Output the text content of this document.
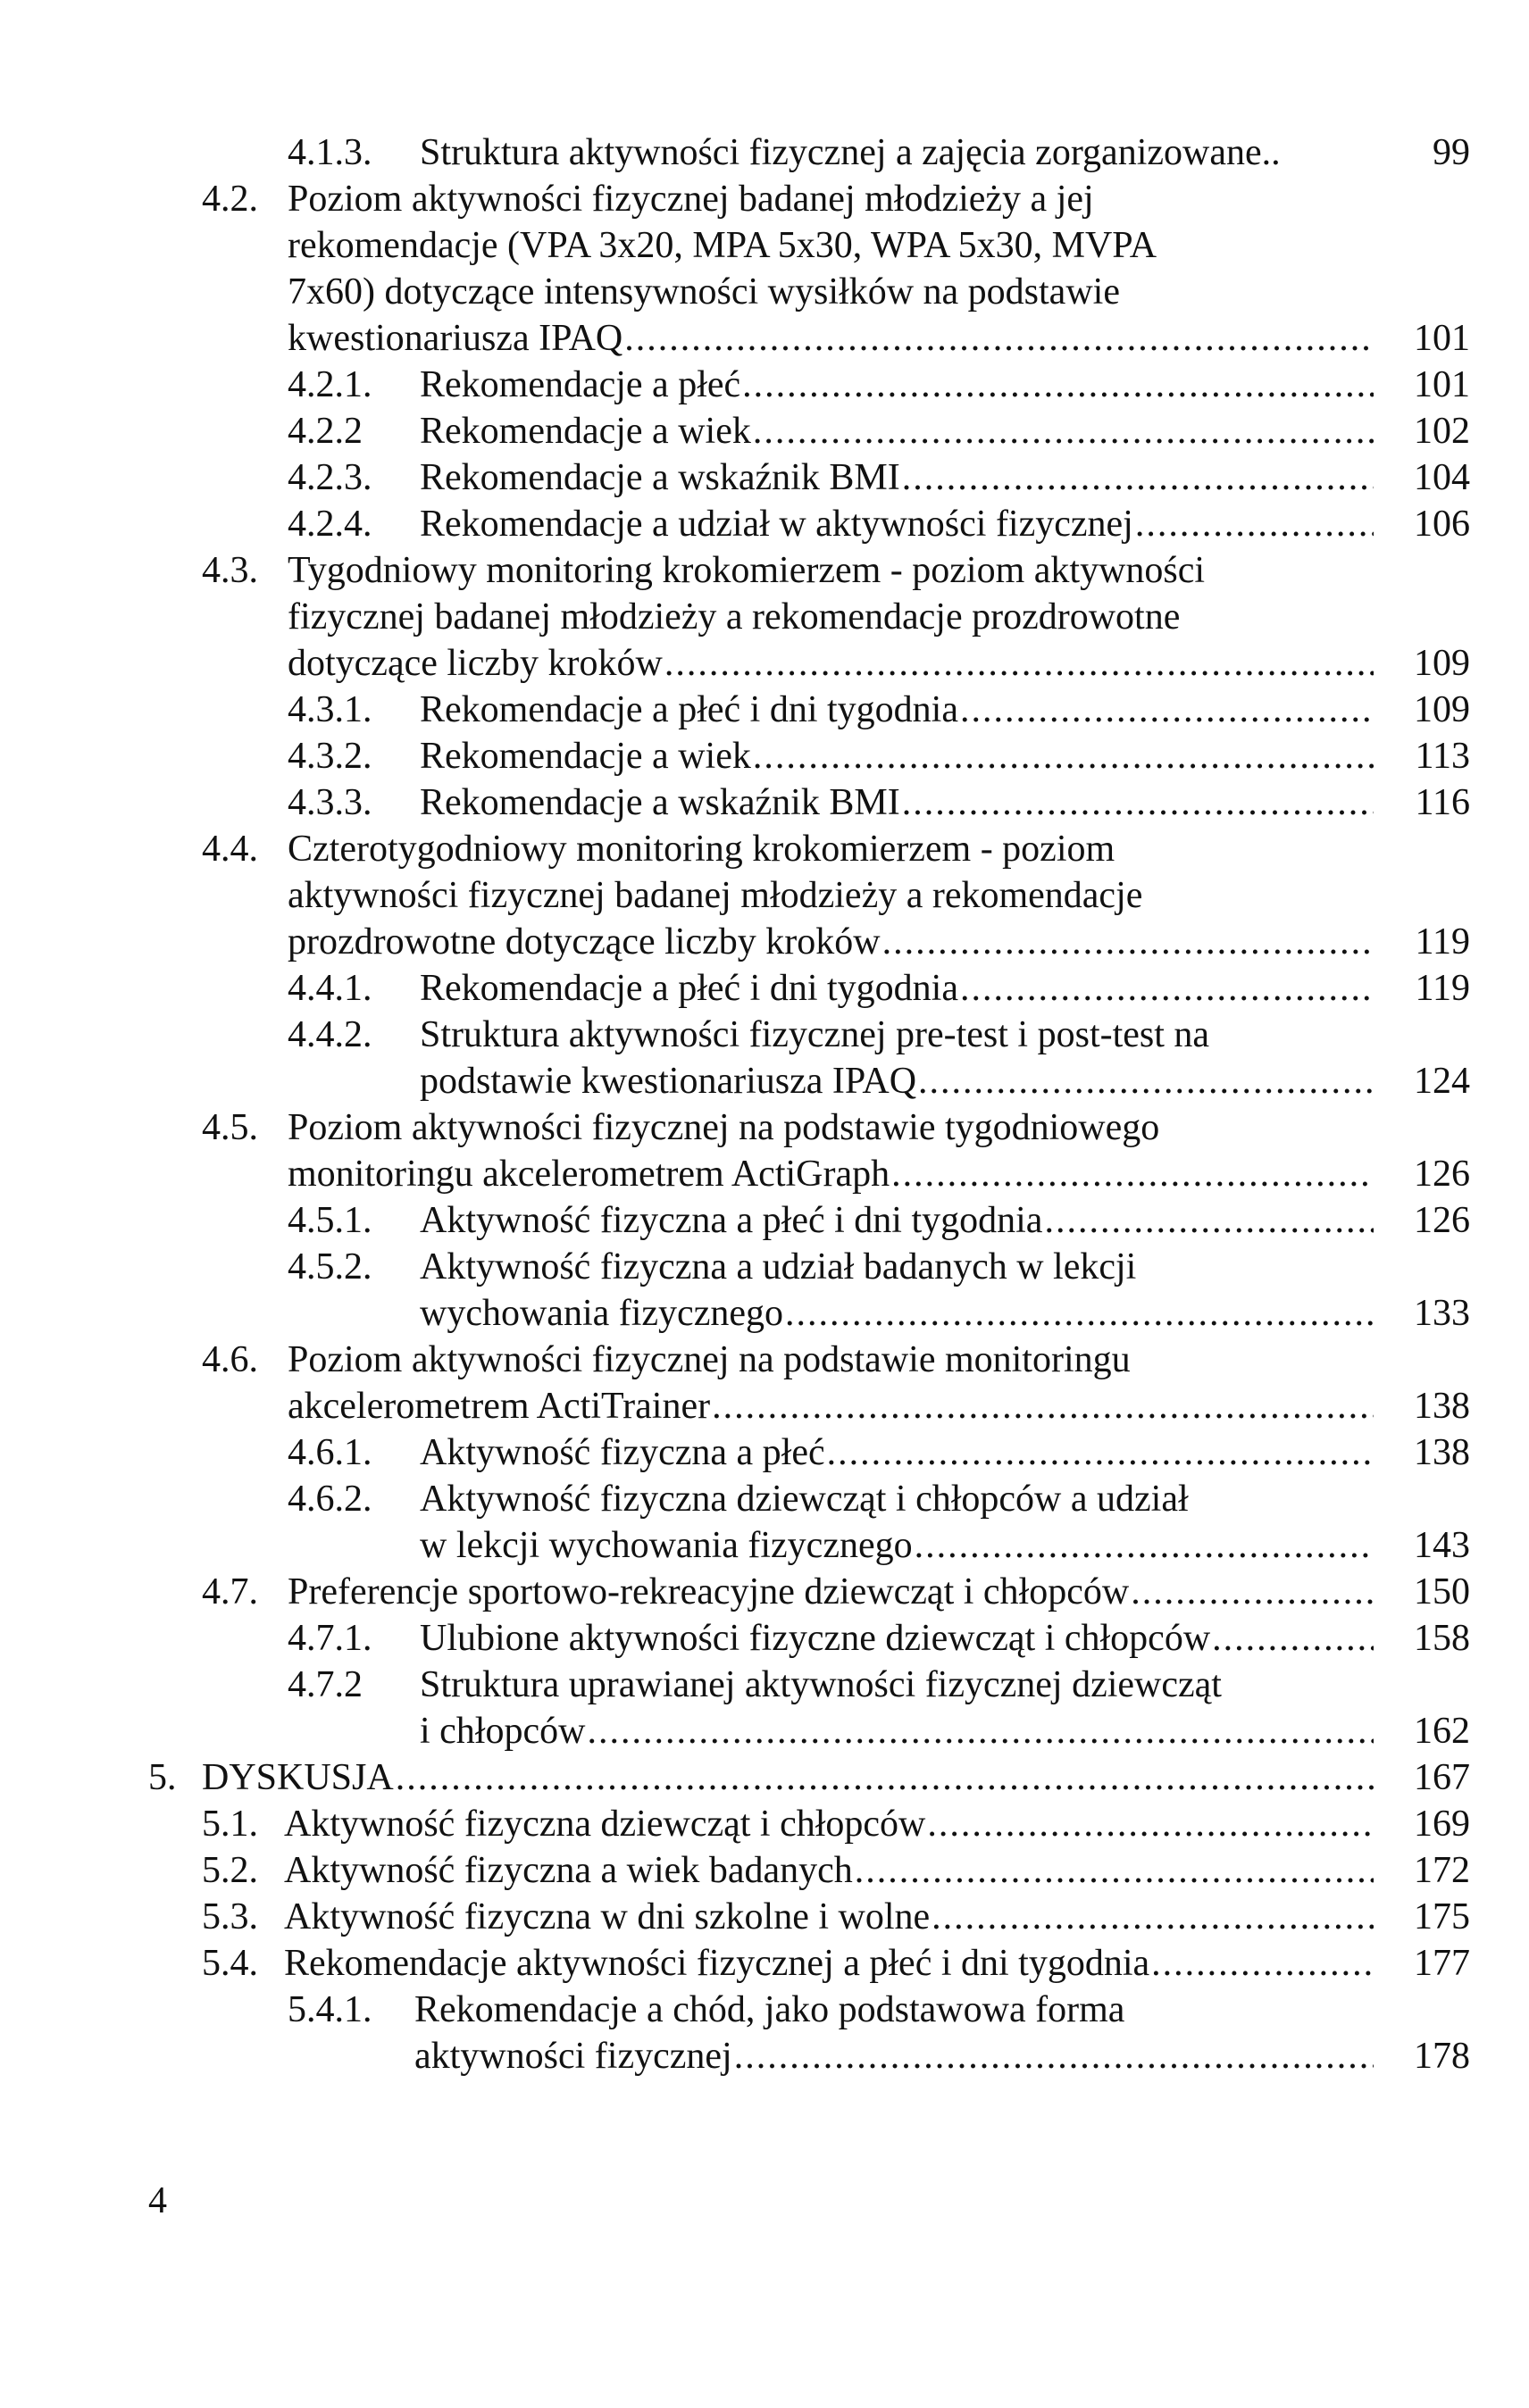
4.1.3. Struktura aktywności fizycznej a zajęcia zorganizowane..	99
4.2. Poziom aktywności fizycznej badanej młodzieży a jej
rekomendacje (VPA 3x20, MPA 5x30, WPA 5x30, MVPA
7x60) dotyczące intensywności wysiłków na podstawie
kwestionariusza IPAQ .....	101
4.2.1. Rekomendacje a płeć .....	101
4.2.2 Rekomendacje a wiek .....	102
4.2.3. Rekomendacje a wskaźnik BMI .....	104
4.2.4. Rekomendacje a udział w aktywności fizycznej .....	106
4.3. Tygodniowy monitoring krokomierzem - poziom aktywności
fizycznej badanej młodzieży a rekomendacje prozdrowotne
dotyczące liczby kroków .....	109
4.3.1. Rekomendacje a płeć i dni tygodnia .....	109
4.3.2. Rekomendacje a wiek .....	113
4.3.3. Rekomendacje a wskaźnik BMI .....	116
4.4. Czterotygodniowy monitoring krokomierzem - poziom
aktywności fizycznej badanej młodzieży a rekomendacje
prozdrowotne dotyczące liczby kroków .....	119
4.4.1. Rekomendacje a płeć i dni tygodnia .....	119
4.4.2. Struktura aktywności fizycznej pre-test i post-test na
podstawie kwestionariusza IPAQ .....	124
4.5. Poziom aktywności fizycznej na podstawie tygodniowego
monitoringu akcelerometrem ActiGraph .....	126
4.5.1. Aktywność fizyczna a płeć i dni tygodnia .....	126
4.5.2. Aktywność fizyczna a udział badanych w lekcji
wychowania fizycznego .....	133
4.6. Poziom aktywności fizycznej na podstawie monitoringu
akcelerometrem ActiTrainer .....	138
4.6.1. Aktywność fizyczna a płeć .....	138
4.6.2. Aktywność fizyczna dziewcząt i chłopców a udział
w lekcji wychowania fizycznego .....	143
4.7. Preferencje sportowo-rekreacyjne dziewcząt i chłopców .....	150
4.7.1. Ulubione aktywności fizyczne dziewcząt i chłopców .....	158
4.7.2 Struktura uprawianej aktywności fizycznej dziewcząt
i chłopców .....	162
5. DYSKUSJA .....	167
5.1. Aktywność fizyczna dziewcząt i chłopców .....	169
5.2. Aktywność fizyczna a wiek badanych .....	172
5.3. Aktywność fizyczna w dni szkolne i wolne .....	175
5.4. Rekomendacje aktywności fizycznej a płeć i dni tygodnia .....	177
5.4.1. Rekomendacje a chód, jako podstawowa forma
aktywności fizycznej .....	178
4
